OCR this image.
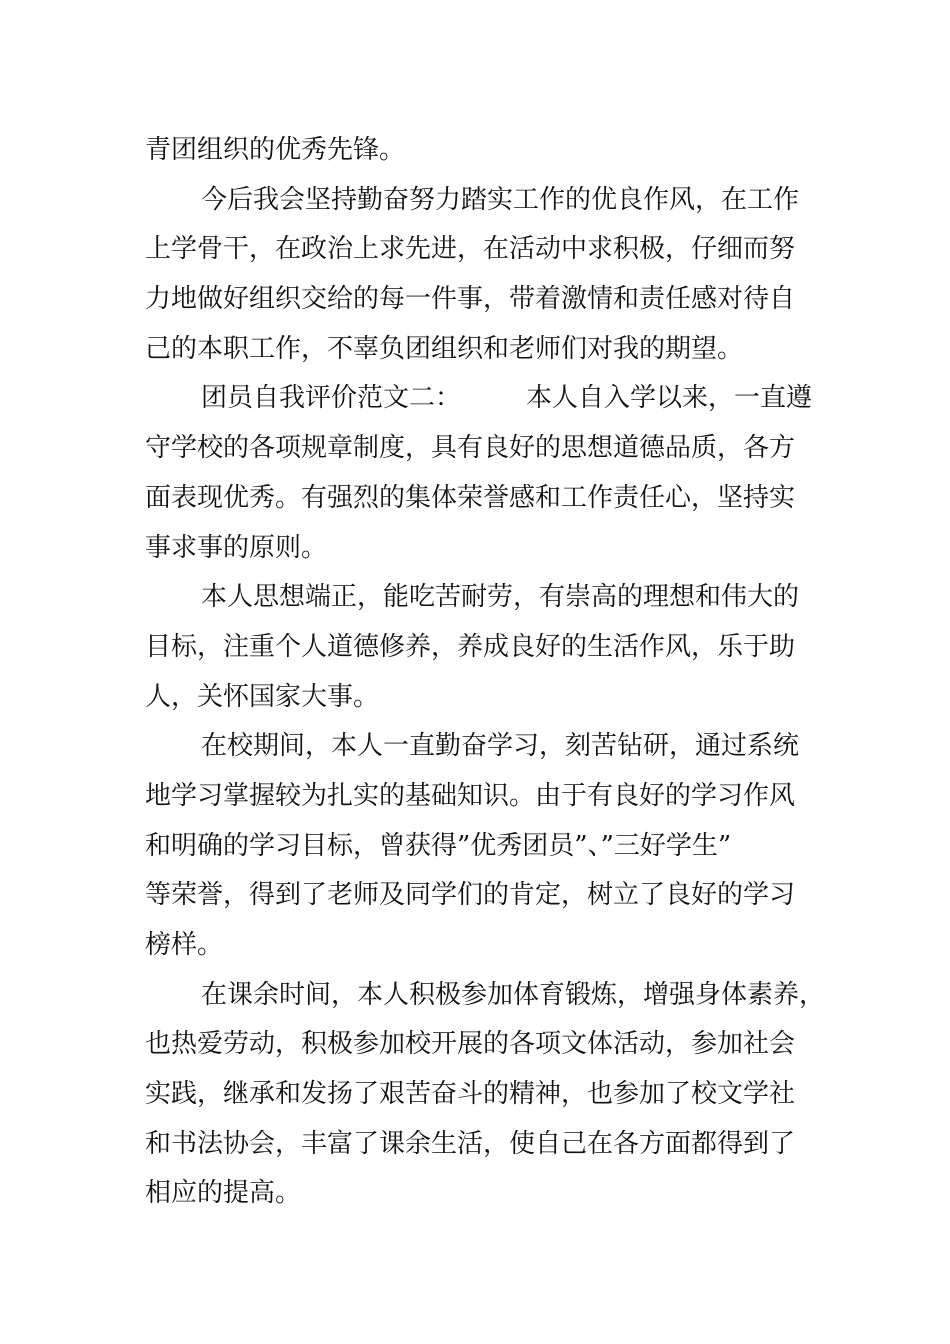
青团组织的优秀先锋。
今后我会坚持勤奋努力踏实工作的优良作风，在工作
上学骨干，在政治上求先进，在活动中求积极，仔细而努
力地做好组织交给的每一件事，带着激情和责任感对待自
己的本职工作，不辜负团组织和老师们对我的期望。
团员自我评价范文二：　　　本人自入学以来，一直遵
守学校的各项规章制度，具有良好的思想道德品质，各方
面表现优秀。有强烈的集体荣誉感和工作责任心，坚持实
事求事的原则。
本人思想端正，能吃苦耐劳，有崇高的理想和伟大的
目标，注重个人道德修养，养成良好的生活作风，乐于助
人，关怀国家大事。
在校期间，本人一直勤奋学习，刻苦钻研，通过系统
地学习掌握较为扎实的基础知识。由于有良好的学习作风
和明确的学习目标，曾获得”优秀团员”、”三好学生”
等荣誉，得到了老师及同学们的肯定，树立了良好的学习
榜样。
在课余时间，本人积极参加体育锻炼，增强身体素养，
也热爱劳动，积极参加校开展的各项文体活动，参加社会
实践，继承和发扬了艰苦奋斗的精神，也参加了校文学社
和书法协会，丰富了课余生活，使自己在各方面都得到了
相应的提高。
